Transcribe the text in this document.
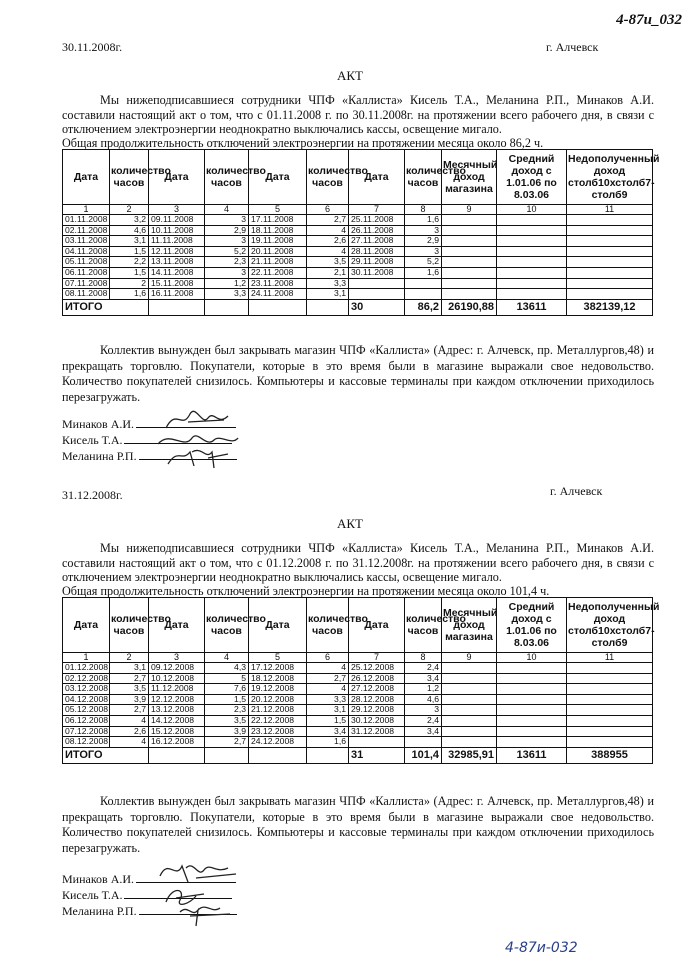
4-87и_032
30.11.2008г.	г. Алчевск
АКТ

Мы нижеподписавшиеся сотрудники ЧПФ «Каллиста» Кисель Т.А., Меланина Р.П., Минаков А.И. составили настоящий акт о том, что с 01.11.2008 г. по 30.11.2008г. на протяжении всего рабочего дня, в связи с отключением электроэнергии неоднократно выключались кассы, освещение мигало.

Общая продолжительность отключений электроэнергии на протяжении месяца около 86,2 ч.
Дата	количество часов	Дата	количество часов	Дата	количество часов	Дата	количество часов	Месячный доход магазина	Средний доход с 1.01.06 по 8.03.06	Недополученный доход столб10хстолб7-столб9
1	2	3	4	5	6	7	8	9	10	11
01.11.2008	3,2	09.11.2008	3	17.11.2008	2,7	25.11.2008	1,6			
02.11.2008	4,6	10.11.2008	2,9	18.11.2008	4	26.11.2008	3			
03.11.2008	3,1	11.11.2008	3	19.11.2008	2,6	27.11.2008	2,9			
04.11.2008	1,5	12.11.2008	5,2	20.11.2008	4	28.11.2008	3			
05.11.2008	2,2	13.11.2008	2,3	21.11.2008	3,5	29.11.2008	5,2			
06.11.2008	1,5	14.11.2008	3	22.11.2008	2,1	30.11.2008	1,6			
07.11.2008	2	15.11.2008	1,2	23.11.2008	3,3					
08.11.2008	1,6	16.11.2008	3,3	24.11.2008	3,1					
ИТОГО						30	86,2	26190,88	13611	382139,12

Коллектив вынужден был закрывать магазин ЧПФ «Каллиста» (Адрес: г. Алчевск, пр. Металлургов,48) и прекращать торговлю. Покупатели, которые в это время были в магазине выражали свое недовольство. Количество покупателей снизилось. Компьютеры и кассовые терминалы при каждом отключении приходилось перезагружать.

Минаков А.И.
Кисель Т.А.
Меланина Р.П.
31.12.2008г.	г. Алчевск
АКТ

Мы нижеподписавшиеся сотрудники ЧПФ «Каллиста» Кисель Т.А., Меланина Р.П., Минаков А.И. составили настоящий акт о том, что с 01.12.2008 г. по 31.12.2008г. на протяжении всего рабочего дня, в связи с отключением электроэнергии неоднократно выключались кассы, освещение мигало.

Общая продолжительность отключений электроэнергии на протяжении месяца около 101,4 ч.
Дата	количество часов	Дата	количество часов	Дата	количество часов	Дата	количество часов	Месячный доход магазина	Средний доход с 1.01.06 по 8.03.06	Недополученный доход столб10хстолб7-столб9
1	2	3	4	5	6	7	8	9	10	11
01.12.2008	3,1	09.12.2008	4,3	17.12.2008	4	25.12.2008	2,4			
02.12.2008	2,7	10.12.2008	5	18.12.2008	2,7	26.12.2008	3,4			
03.12.2008	3,5	11.12.2008	7,6	19.12.2008	4	27.12.2008	1,2			
04.12.2008	3,9	12.12.2008	1,5	20.12.2008	3,3	28.12.2008	4,6			
05.12.2008	2,7	13.12.2008	2,3	21.12.2008	3,1	29.12.2008	3			
06.12.2008	4	14.12.2008	3,5	22.12.2008	1,5	30.12.2008	2,4			
07.12.2008	2,6	15.12.2008	3,9	23.12.2008	3,4	31.12.2008	3,4			
08.12.2008	4	16.12.2008	2,7	24.12.2008	1,6					
ИТОГО						31	101,4	32985,91	13611	388955

Коллектив вынужден был закрывать магазин ЧПФ «Каллиста» (Адрес: г. Алчевск, пр. Металлургов,48) и прекращать торговлю. Покупатели, которые в это время были в магазине выражали свое недовольство. Количество покупателей снизилось. Компьютеры и кассовые терминалы при каждом отключении приходилось перезагружать.

Минаков А.И.
Кисель Т.А.
Меланина Р.П.
4-87и-032
